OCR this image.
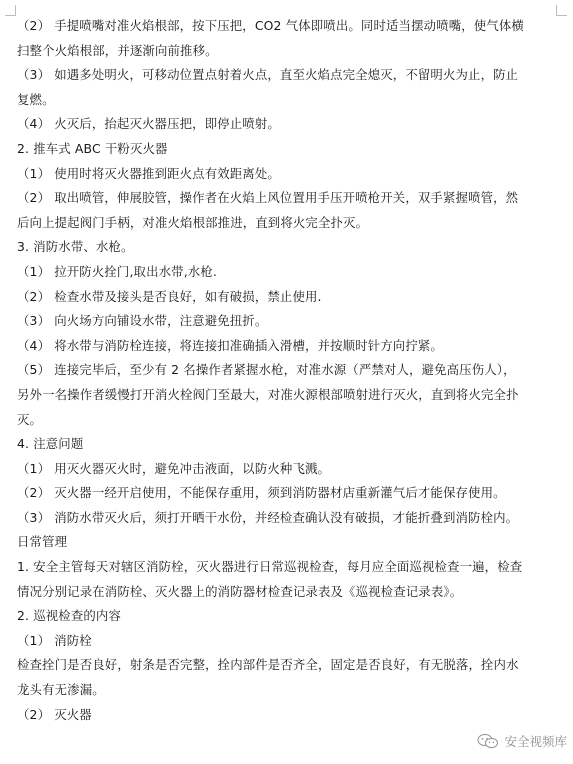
（2） 手提喷嘴对准火焰根部，按下压把，CO2 气体即喷出。同时适当摆动喷嘴，使气体横
扫整个火焰根部，并逐渐向前推移。
（3） 如遇多处明火，可移动位置点射着火点，直至火焰点完全熄灭，不留明火为止，防止
复燃。
（4） 火灭后，抬起灭火器压把，即停止喷射。
2. 推车式 ABC 干粉灭火器
（1） 使用时将灭火器推到距火点有效距离处。
（2） 取出喷管，伸展胶管，操作者在火焰上风位置用手压开喷枪开关，双手紧握喷管，然
后向上提起阀门手柄，对准火焰根部推进，直到将火完全扑灭。
3. 消防水带、水枪。
（1） 拉开防火拴门,取出水带,水枪.
（2） 检查水带及接头是否良好，如有破损，禁止使用.
（3） 向火场方向铺设水带，注意避免扭折。
（4） 将水带与消防栓连接，将连接扣准确插入滑槽，并按顺时针方向拧紧。
（5） 连接完毕后，至少有 2 名操作者紧握水枪，对准水源（严禁对人，避免高压伤人），
另外一名操作者缓慢打开消火栓阀门至最大，对准火源根部喷射进行灭火，直到将火完全扑
灭。
4. 注意问题
（1） 用灭火器灭火时，避免冲击液面，以防火种飞溅。
（2） 灭火器一经开启使用，不能保存重用，须到消防器材店重新灌气后才能保存使用。
（3） 消防水带灭火后，须打开晒干水份，并经检查确认没有破损，才能折叠到消防栓内。
日常管理
1. 安全主管每天对辖区消防栓，灭火器进行日常巡视检查，每月应全面巡视检查一遍，检查
情况分别记录在消防栓、灭火器上的消防器材检查记录表及《巡视检查记录表》。
2. 巡视检查的内容
（1） 消防栓
检查拴门是否良好，射条是否完整，拴内部件是否齐全，固定是否良好，有无脱落，拴内水
龙头有无渗漏。
（2） 灭火器
安全视频库
